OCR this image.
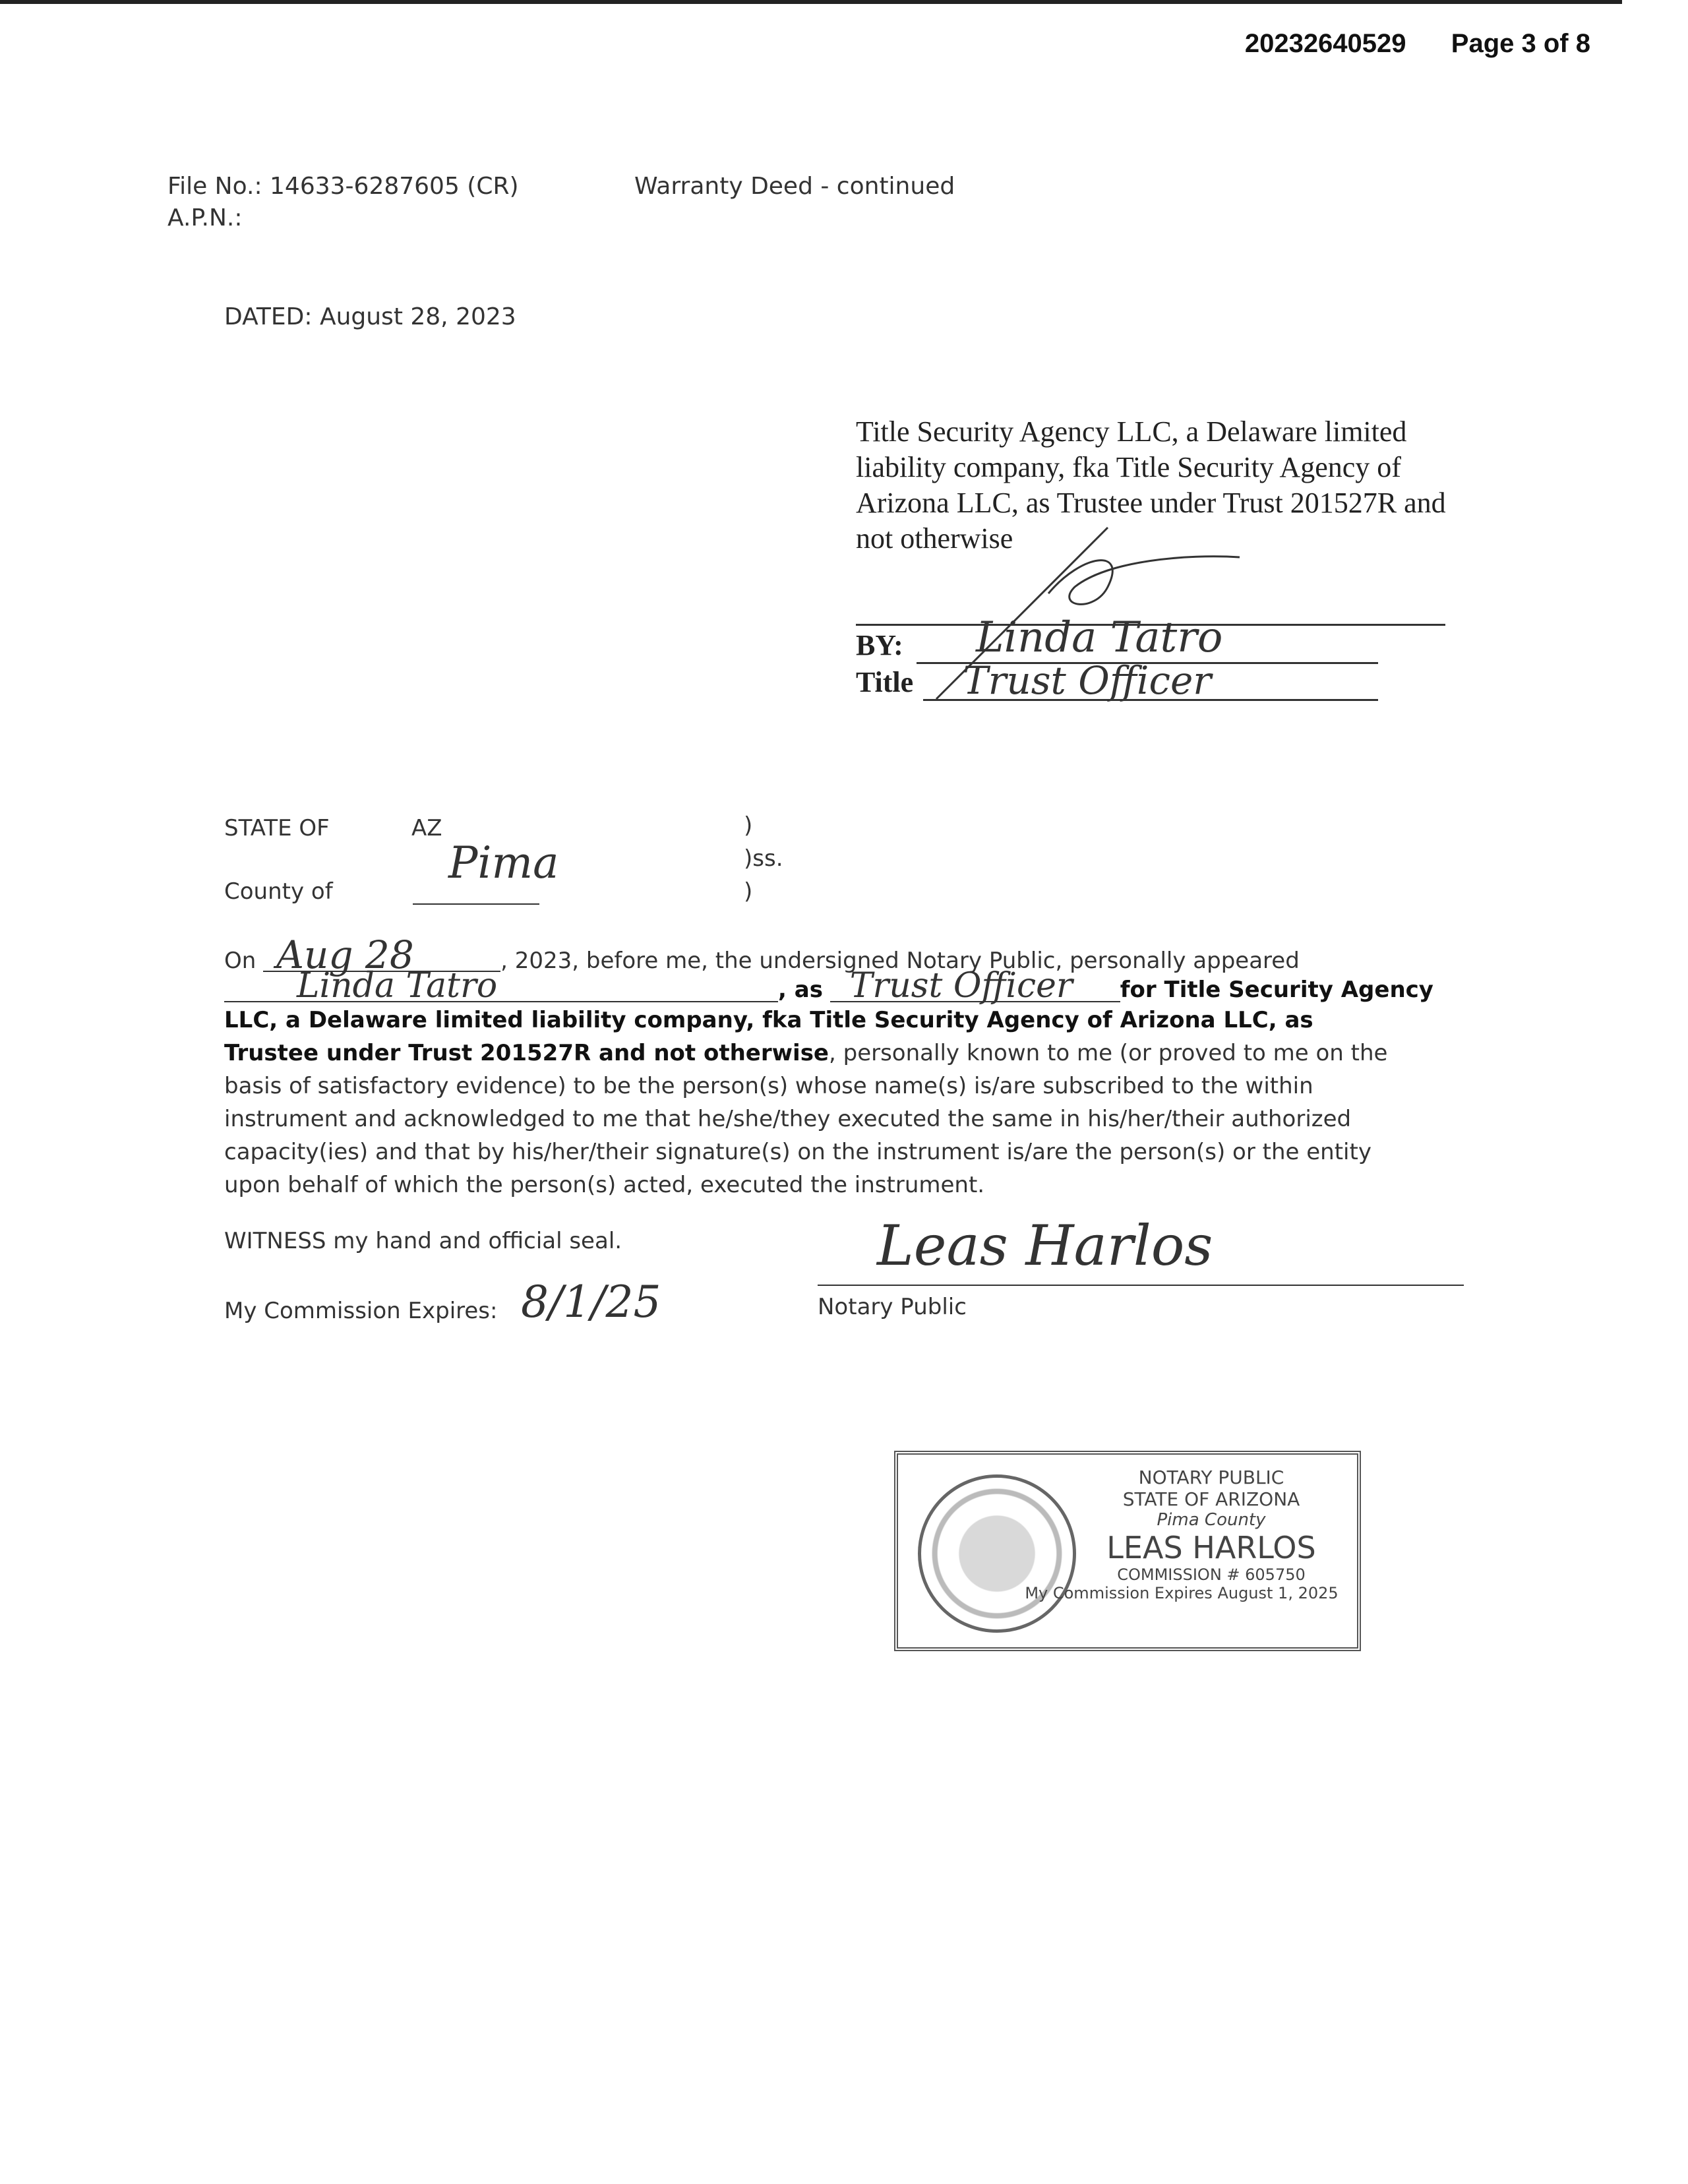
20232640529 Page 3 of 8
File No.: 14633-6287605 (CR)
A.P.N.:
Warranty Deed - continued
DATED: August 28, 2023
Title Security Agency LLC, a Delaware limited
liability company, fka Title Security Agency of
Arizona LLC, as Trustee under Trust 201527R and
not otherwise
BY: Linda Tatro
Title Trust Officer
STATE OF	AZ
County of
Pima
)
)ss.
)
On Aug 28	, 2023, before me, the undersigned Notary Public, personally appeared
Linda Tatro	, as Trust Officer for Title Security Agency
LLC, a Delaware limited liability company, fka Title Security Agency of Arizona LLC, as
Trustee under Trust 201527R and not otherwise, personally known to me (or proved to me on the
basis of satisfactory evidence) to be the person(s) whose name(s) is/are subscribed to the within
instrument and acknowledged to me that he/she/they executed the same in his/her/their authorized
capacity(ies) and that by his/her/their signature(s) on the instrument is/are the person(s) or the entity
upon behalf of which the person(s) acted, executed the instrument.
WITNESS my hand and official seal.
My Commission Expires: 8/1/25
Leas Harlos
Notary Public
NOTARY PUBLIC
STATE OF ARIZONA
Pima County
LEAS HARLOS
COMMISSION # 605750
My Commission Expires August 1, 2025
